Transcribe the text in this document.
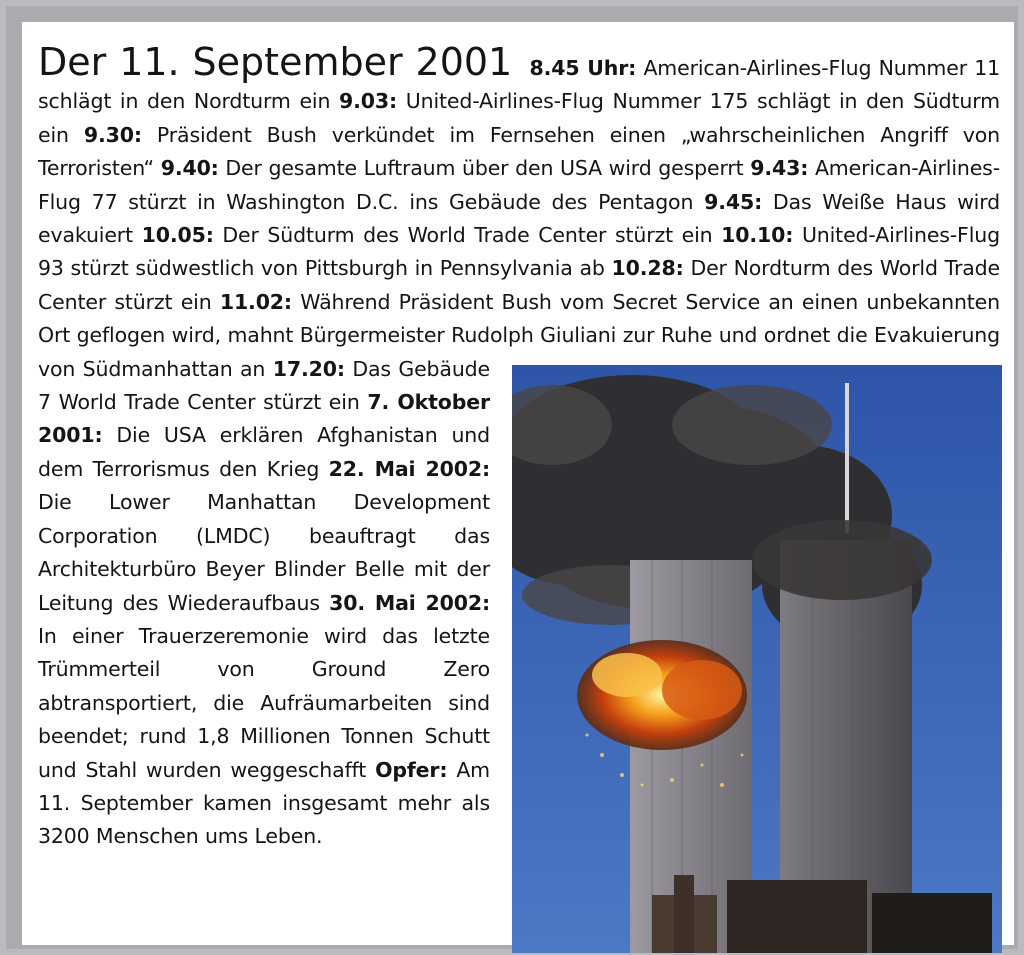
Der 11. September 2001 8.45 Uhr: American-Airlines-Flug Nummer 11 schlägt in den Nordturm ein 9.03: United-Airlines-Flug Nummer 175 schlägt in den Südturm ein 9.30: Präsident Bush verkündet im Fernsehen einen „wahrscheinlichen Angriff von Terroristen“ 9.40: Der gesamte Luftraum über den USA wird gesperrt 9.43: American-Airlines-Flug 77 stürzt in Washington D.C. ins Gebäude des Pentagon 9.45: Das Weiße Haus wird evakuiert 10.05: Der Südturm des World Trade Center stürzt ein 10.10: United-Airlines-Flug 93 stürzt südwestlich von Pittsburgh in Pennsylvania ab 10.28: Der Nordturm des World Trade Center stürzt ein 11.02: Während Präsident Bush vom Secret Service an einen unbekannten Ort geflogen wird, mahnt Bürgermeister Rudolph Giuliani zur Ruhe und ordnet die Evakuierung von Südmanhattan an 17.20: Das Gebäude 7 World Trade Center stürzt ein 7. Oktober 2001: Die USA erklären Afghanistan und dem Terrorismus den Krieg 22. Mai 2002: Die Lower Manhattan Development Corporation (LMDC) beauftragt das Architekturbüro Beyer Blinder Belle mit der Leitung des Wiederaufbaus 30. Mai 2002: In einer Trauerzeremonie wird das letzte Trümmerteil von Ground Zero abtransportiert, die Aufräumarbeiten sind beendet; rund 1,8 Millionen Tonnen Schutt und Stahl wurden weggeschafft Opfer: Am 11. September kamen insgesamt mehr als 3200 Menschen ums Leben.
